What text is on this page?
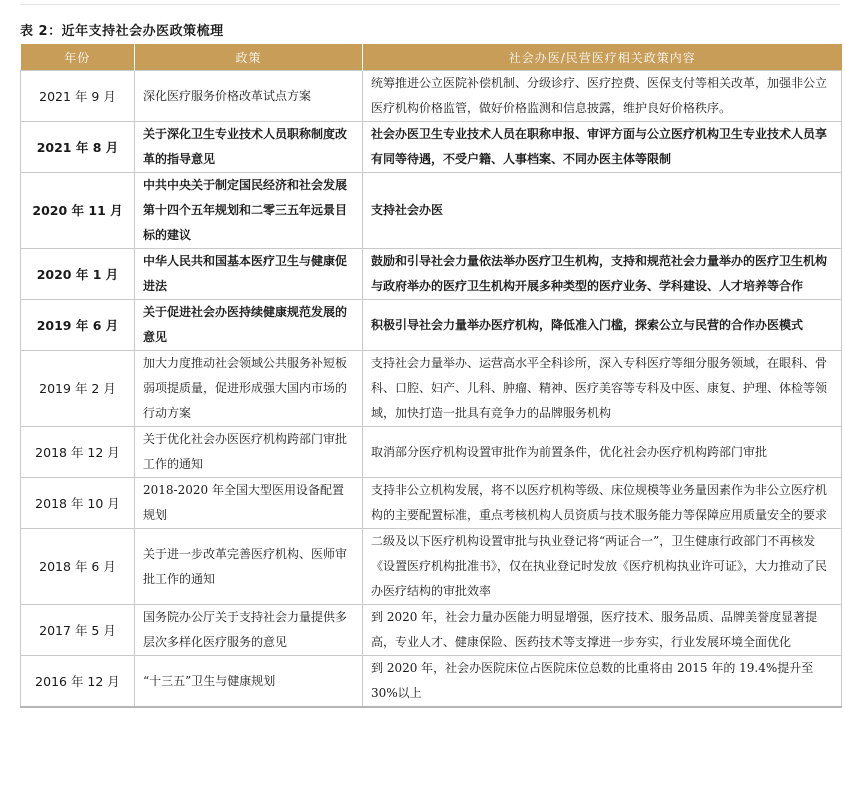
表 2：近年支持社会办医政策梳理
年份	政策	社会办医/民营医疗相关政策内容
2021 年 9 月	深化医疗服务价格改革试点方案	统筹推进公立医院补偿机制、分级诊疗、医疗控费、医保支付等相关改革，加强非公立医疗机构价格监管，做好价格监测和信息披露，维护良好价格秩序。
2021 年 8 月	关于深化卫生专业技术人员职称制度改革的指导意见	社会办医卫生专业技术人员在职称申报、审评方面与公立医疗机构卫生专业技术人员享有同等待遇，不受户籍、人事档案、不同办医主体等限制
2020 年 11 月	中共中央关于制定国民经济和社会发展第十四个五年规划和二零三五年远景目标的建议	支持社会办医
2020 年 1 月	中华人民共和国基本医疗卫生与健康促进法	鼓励和引导社会力量依法举办医疗卫生机构，支持和规范社会力量举办的医疗卫生机构与政府举办的医疗卫生机构开展多种类型的医疗业务、学科建设、人才培养等合作
2019 年 6 月	关于促进社会办医持续健康规范发展的意见	积极引导社会力量举办医疗机构，降低准入门槛，探索公立与民营的合作办医模式
2019 年 2 月	加大力度推动社会领域公共服务补短板弱项提质量，促进形成强大国内市场的行动方案	支持社会力量举办、运营高水平全科诊所，深入专科医疗等细分服务领域，在眼科、骨科、口腔、妇产、儿科、肿瘤、精神、医疗美容等专科及中医、康复、护理、体检等领域，加快打造一批具有竞争力的品牌服务机构
2018 年 12 月	关于优化社会办医医疗机构跨部门审批工作的通知	取消部分医疗机构设置审批作为前置条件，优化社会办医疗机构跨部门审批
2018 年 10 月	2018-2020 年全国大型医用设备配置规划	支持非公立机构发展，将不以医疗机构等级、床位规模等业务量因素作为非公立医疗机构的主要配置标准，重点考核机构人员资质与技术服务能力等保障应用质量安全的要求
2018 年 6 月	关于进一步改革完善医疗机构、医师审批工作的通知	二级及以下医疗机构设置审批与执业登记将“两证合一”，卫生健康行政部门不再核发《设置医疗机构批准书》，仅在执业登记时发放《医疗机构执业许可证》，大力推动了民办医疗结构的审批效率
2017 年 5 月	国务院办公厅关于支持社会力量提供多层次多样化医疗服务的意见	到 2020 年，社会力量办医能力明显增强，医疗技术、服务品质、品牌美誉度显著提高，专业人才、健康保险、医药技术等支撑进一步夯实，行业发展环境全面优化
2016 年 12 月	“十三五”卫生与健康规划	到 2020 年，社会办医院床位占医院床位总数的比重将由 2015 年的 19.4%提升至 30%以上
